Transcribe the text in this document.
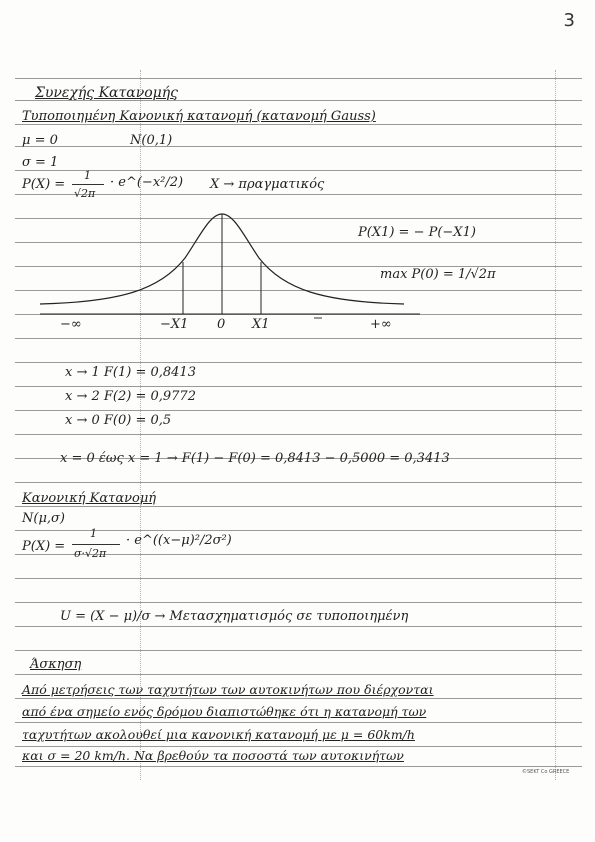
3
Συνεχής Κατανομής
Τυποποιημένη Κανονική κατανομή (κατανομή Gauss)
μ = 0	N(0,1)
σ = 1
P(X) =
1
√2π
· e^(−x²/2) X → πραγματικός
P(X1) = − P(−X1)
max P(0) = 1/√2π
−∞	−X1 0 X1	+∞
x → 1 F(1) = 0,8413
x → 2 F(2) = 0,9772
x → 0 F(0) = 0,5
x = 0 έως x = 1 → F(1) − F(0) = 0,8413 − 0,5000 = 0,3413
Κανονική Κατανομή
N(μ,σ)
P(X) =
1
σ·√2π
· e^((x−μ)²/2σ²)
U = (X − μ)/σ → Μετασχηματισμός σε τυποποιημένη
Άσκηση
Από μετρήσεις των ταχυτήτων των αυτοκινήτων που διέρχονται
από ένα σημείο ενός δρόμου διαπιστώθηκε ότι η κατανομή των
ταχυτήτων ακολουθεί μια κανονική κατανομή με μ = 60km/h
και σ = 20 km/h. Να βρεθούν τα ποσοστά των αυτοκινήτων
©SEKT Co GREECE
